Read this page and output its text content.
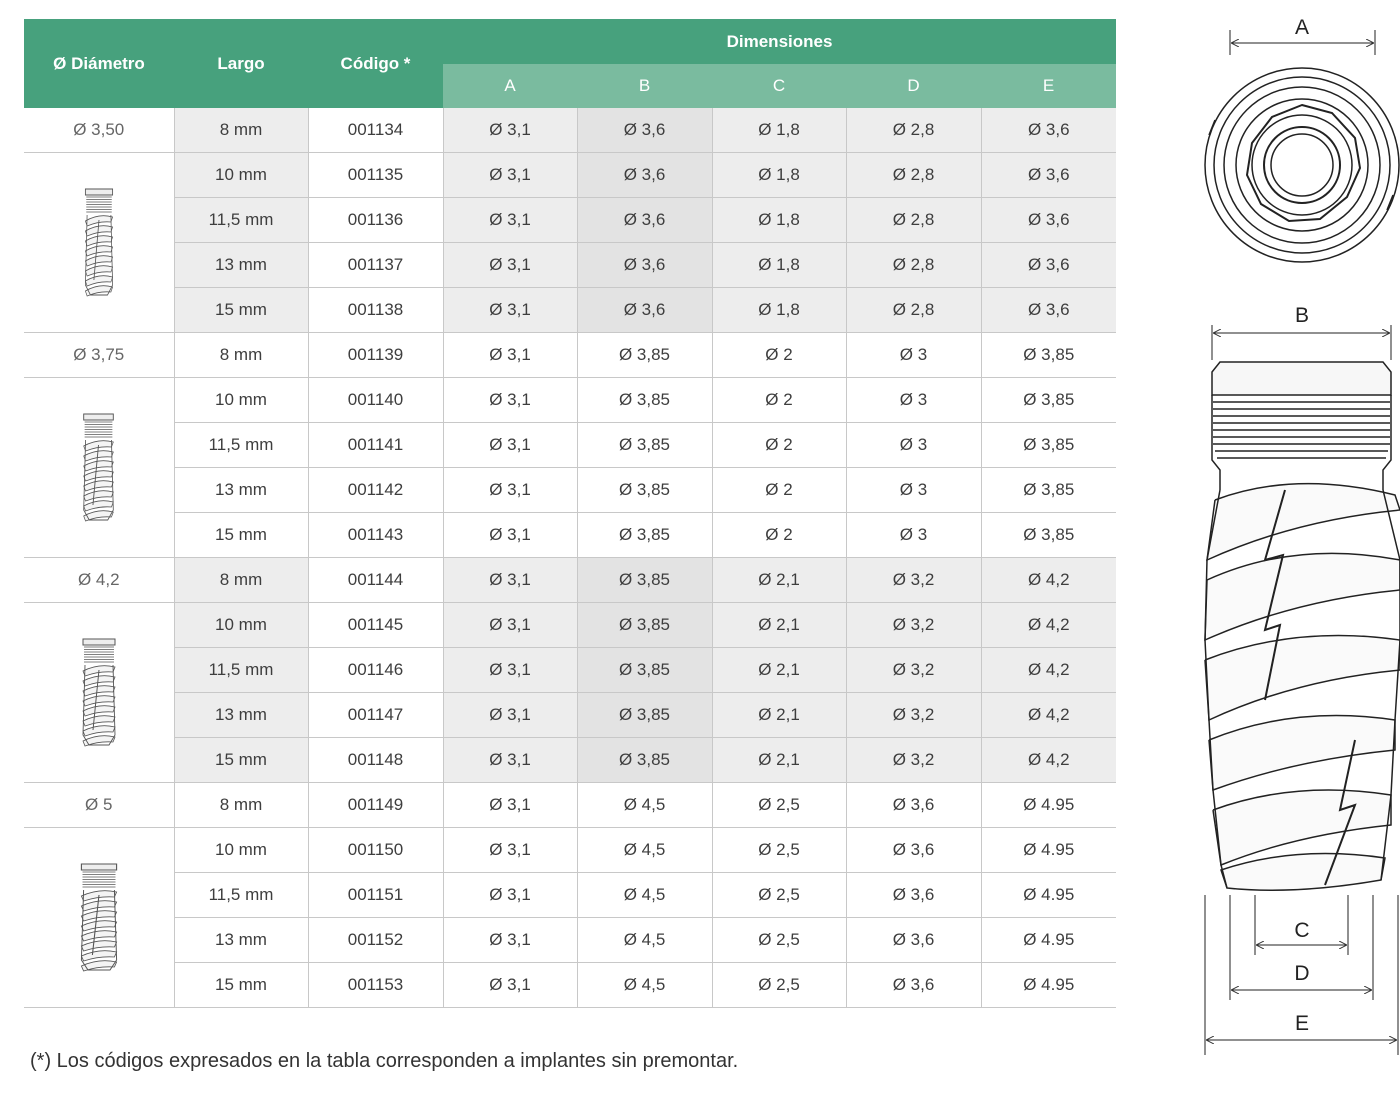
Ø Diámetro	Largo	Código *	Dimensiones				
			A	B	C	D	E
Ø 3,50	8 mm	001134	Ø 3,1	Ø 3,6	Ø 1,8	Ø 2,8	Ø 3,6

	10 mm	001135	Ø 3,1	Ø 3,6	Ø 1,8	Ø 2,8	Ø 3,6
	11,5 mm	001136	Ø 3,1	Ø 3,6	Ø 1,8	Ø 2,8	Ø 3,6
	13 mm	001137	Ø 3,1	Ø 3,6	Ø 1,8	Ø 2,8	Ø 3,6
	15 mm	001138	Ø 3,1	Ø 3,6	Ø 1,8	Ø 2,8	Ø 3,6
Ø 3,75	8 mm	001139	Ø 3,1	Ø 3,85	Ø 2	Ø 3	Ø 3,85

	10 mm	001140	Ø 3,1	Ø 3,85	Ø 2	Ø 3	Ø 3,85
	11,5 mm	001141	Ø 3,1	Ø 3,85	Ø 2	Ø 3	Ø 3,85
	13 mm	001142	Ø 3,1	Ø 3,85	Ø 2	Ø 3	Ø 3,85
	15 mm	001143	Ø 3,1	Ø 3,85	Ø 2	Ø 3	Ø 3,85
Ø 4,2	8 mm	001144	Ø 3,1	Ø 3,85	Ø 2,1	Ø 3,2	Ø 4,2

	10 mm	001145	Ø 3,1	Ø 3,85	Ø 2,1	Ø 3,2	Ø 4,2
	11,5 mm	001146	Ø 3,1	Ø 3,85	Ø 2,1	Ø 3,2	Ø 4,2
	13 mm	001147	Ø 3,1	Ø 3,85	Ø 2,1	Ø 3,2	Ø 4,2
	15 mm	001148	Ø 3,1	Ø 3,85	Ø 2,1	Ø 3,2	Ø 4,2
Ø 5	8 mm	001149	Ø 3,1	Ø 4,5	Ø 2,5	Ø 3,6	Ø 4.95

	10 mm	001150	Ø 3,1	Ø 4,5	Ø 2,5	Ø 3,6	Ø 4.95
	11,5 mm	001151	Ø 3,1	Ø 4,5	Ø 2,5	Ø 3,6	Ø 4.95
	13 mm	001152	Ø 3,1	Ø 4,5	Ø 2,5	Ø 3,6	Ø 4.95
	15 mm	001153	Ø 3,1	Ø 4,5	Ø 2,5	Ø 3,6	Ø 4.95
(*) Los códigos expresados en la tabla corresponden a implantes sin premontar.
A
B
C
D
E
